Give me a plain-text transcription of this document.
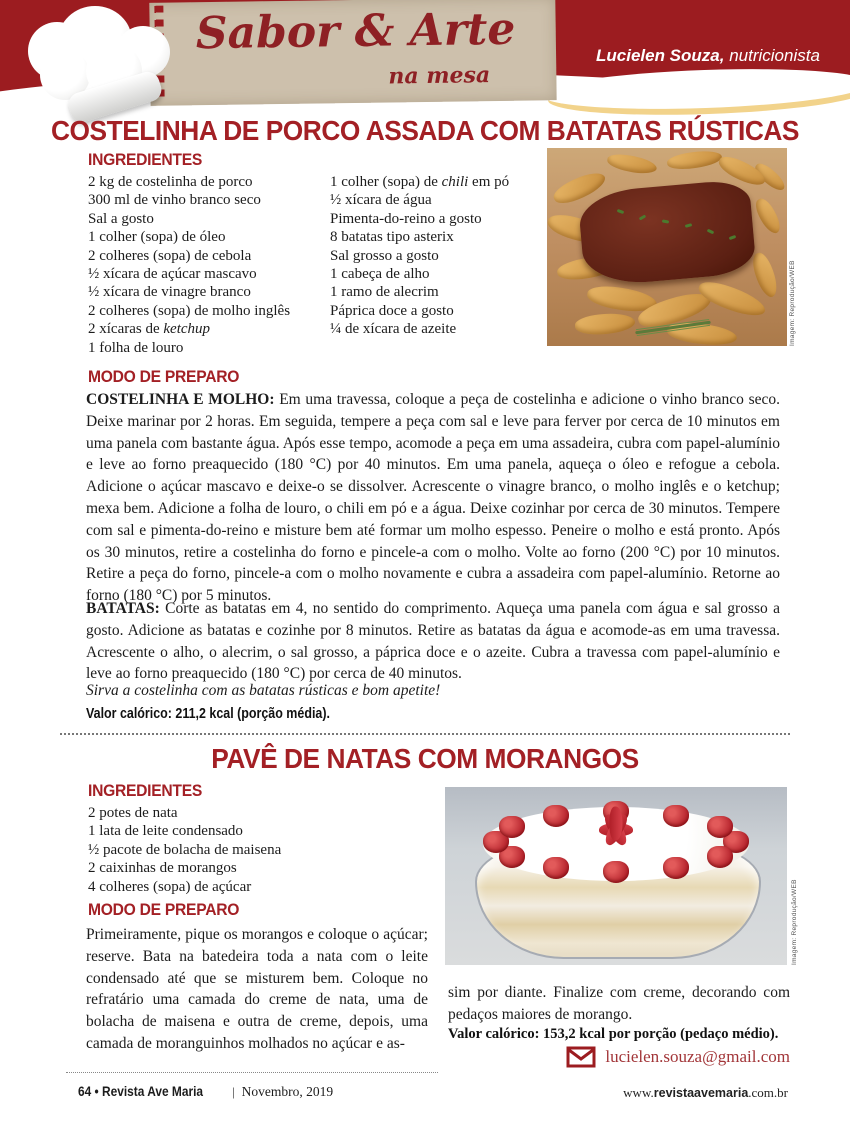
Sabor & Arte
na mesa
Lucielen Souza, nutricionista
COSTELINHA DE PORCO ASSADA COM BATATAS RÚSTICAS
INGREDIENTES
2 kg de costelinha de porco
300 ml de vinho branco seco
Sal a gosto
1 colher (sopa) de óleo
2 colheres (sopa) de cebola
½ xícara de açúcar mascavo
½ xícara de vinagre branco
2 colheres (sopa) de molho inglês
2 xícaras de ketchup
1 folha de louro
1 colher (sopa) de chili em pó
½ xícara de água
Pimenta-do-reino a gosto
8 batatas tipo asterix
Sal grosso a gosto
1 cabeça de alho
1 ramo de alecrim
Páprica doce a gosto
¼ de xícara de azeite	Imagem: Reprodução/WEB
MODO DE PREPARO

COSTELINHA E MOLHO: Em uma travessa, coloque a peça de costelinha e adicione o vinho branco seco. Deixe marinar por 2 horas. Em seguida, tempere a peça com sal e leve para ferver por cerca de 10 minutos em uma panela com bastante água. Após esse tempo, acomode a peça em uma assadeira, cubra com papel-alumínio e leve ao forno preaquecido (180 °C) por 40 minutos. Em uma panela, aqueça o óleo e refogue a cebola. Adicione o açúcar mascavo e deixe-o se dissolver. Acrescente o vinagre branco, o molho inglês e o ketchup; mexa bem. Adicione a folha de louro, o chili em pó e a água. Deixe cozinhar por cerca de 30 minutos. Tempere com sal e pimenta-do-reino e misture bem até formar um molho espesso. Peneire o molho e está pronto. Após os 30 minutos, retire a costelinha do forno e pincele-a com o molho. Volte ao forno (200 °C) por 10 minutos. Retire a peça do forno, pincele-a com o molho novamente e cubra a assadeira com papel-alumínio. Retorne ao forno (180 °C) por 5 minutos.

BATATAS: Corte as batatas em 4, no sentido do comprimento. Aqueça uma panela com água e sal grosso a gosto. Adicione as batatas e cozinhe por 8 minutos. Retire as batatas da água e acomode-as em uma travessa. Acrescente o alho, o alecrim, o sal grosso, a páprica doce e o azeite. Cubra a travessa com papel-alumínio e leve ao forno preaquecido (180 °C) por cerca de 40 minutos.

Sirva a costelinha com as batatas rústicas e bom apetite!
Valor calórico: 211,2 kcal (porção média).
PAVÊ DE NATAS COM MORANGOS
INGREDIENTES
2 potes de nata
1 lata de leite condensado
½ pacote de bolacha de maisena
2 caixinhas de morangos
4 colheres (sopa) de açúcar
MODO DE PREPARO

Primeiramente, pique os morangos e coloque o açúcar; reserve. Bata na batedeira toda a nata com o leite condensado até que se misturem bem. Coloque no refratário uma camada do creme de nata, uma de bolacha de maisena e outra de creme, depois, uma camada de moranguinhos molhados no açúcar e as-

Imagem: Reprodução/WEB

sim por diante. Finalize com creme, decorando com pedaços maiores de morango.

Valor calórico: 153,2 kcal por porção (pedaço médio).
lucielen.souza@gmail.com
64 • Revista Ave Maria | Novembro, 2019	www.revistaavemaria.com.br
